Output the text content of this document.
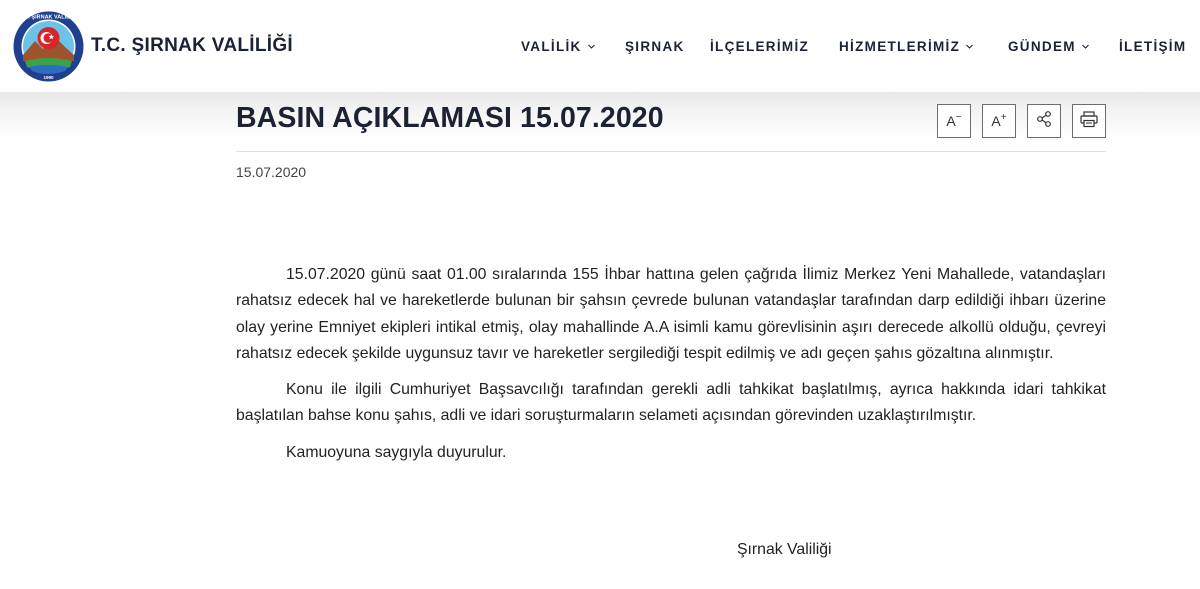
T.C. ŞIRNAK VALİLİĞİ
1990
T.C. ŞIRNAK VALİLİĞİ	VALİLİK	ŞIRNAK İLÇELERİMİZ HİZMETLERİMİZ	GÜNDEM	İLETİŞİM
BASIN AÇIKLAMASI 15.07.2020	A− A+
15.07.2020

15.07.2020 günü saat 01.00 sıralarında 155 İhbar hattına gelen çağrıda İlimiz Merkez Yeni Mahallede, vatandaşları rahatsız edecek hal ve hareketlerde bulunan bir şahsın çevrede bulunan vatandaşlar tarafından darp edildiği ihbarı üzerine olay yerine Emniyet ekipleri intikal etmiş, olay mahallinde A.A isimli kamu görevlisinin aşırı derecede alkollü olduğu, çevreyi rahatsız edecek şekilde uygunsuz tavır ve hareketler sergilediği tespit edilmiş ve adı geçen şahıs gözaltına alınmıştır.

Konu ile ilgili Cumhuriyet Başsavcılığı tarafından gerekli adli tahkikat başlatılmış, ayrıca hakkında idari tahkikat başlatılan bahse konu şahıs, adli ve idari soruşturmaların selameti açısından görevinden uzaklaştırılmıştır.

Kamuoyuna saygıyla duyurulur.

Şırnak Valiliği
